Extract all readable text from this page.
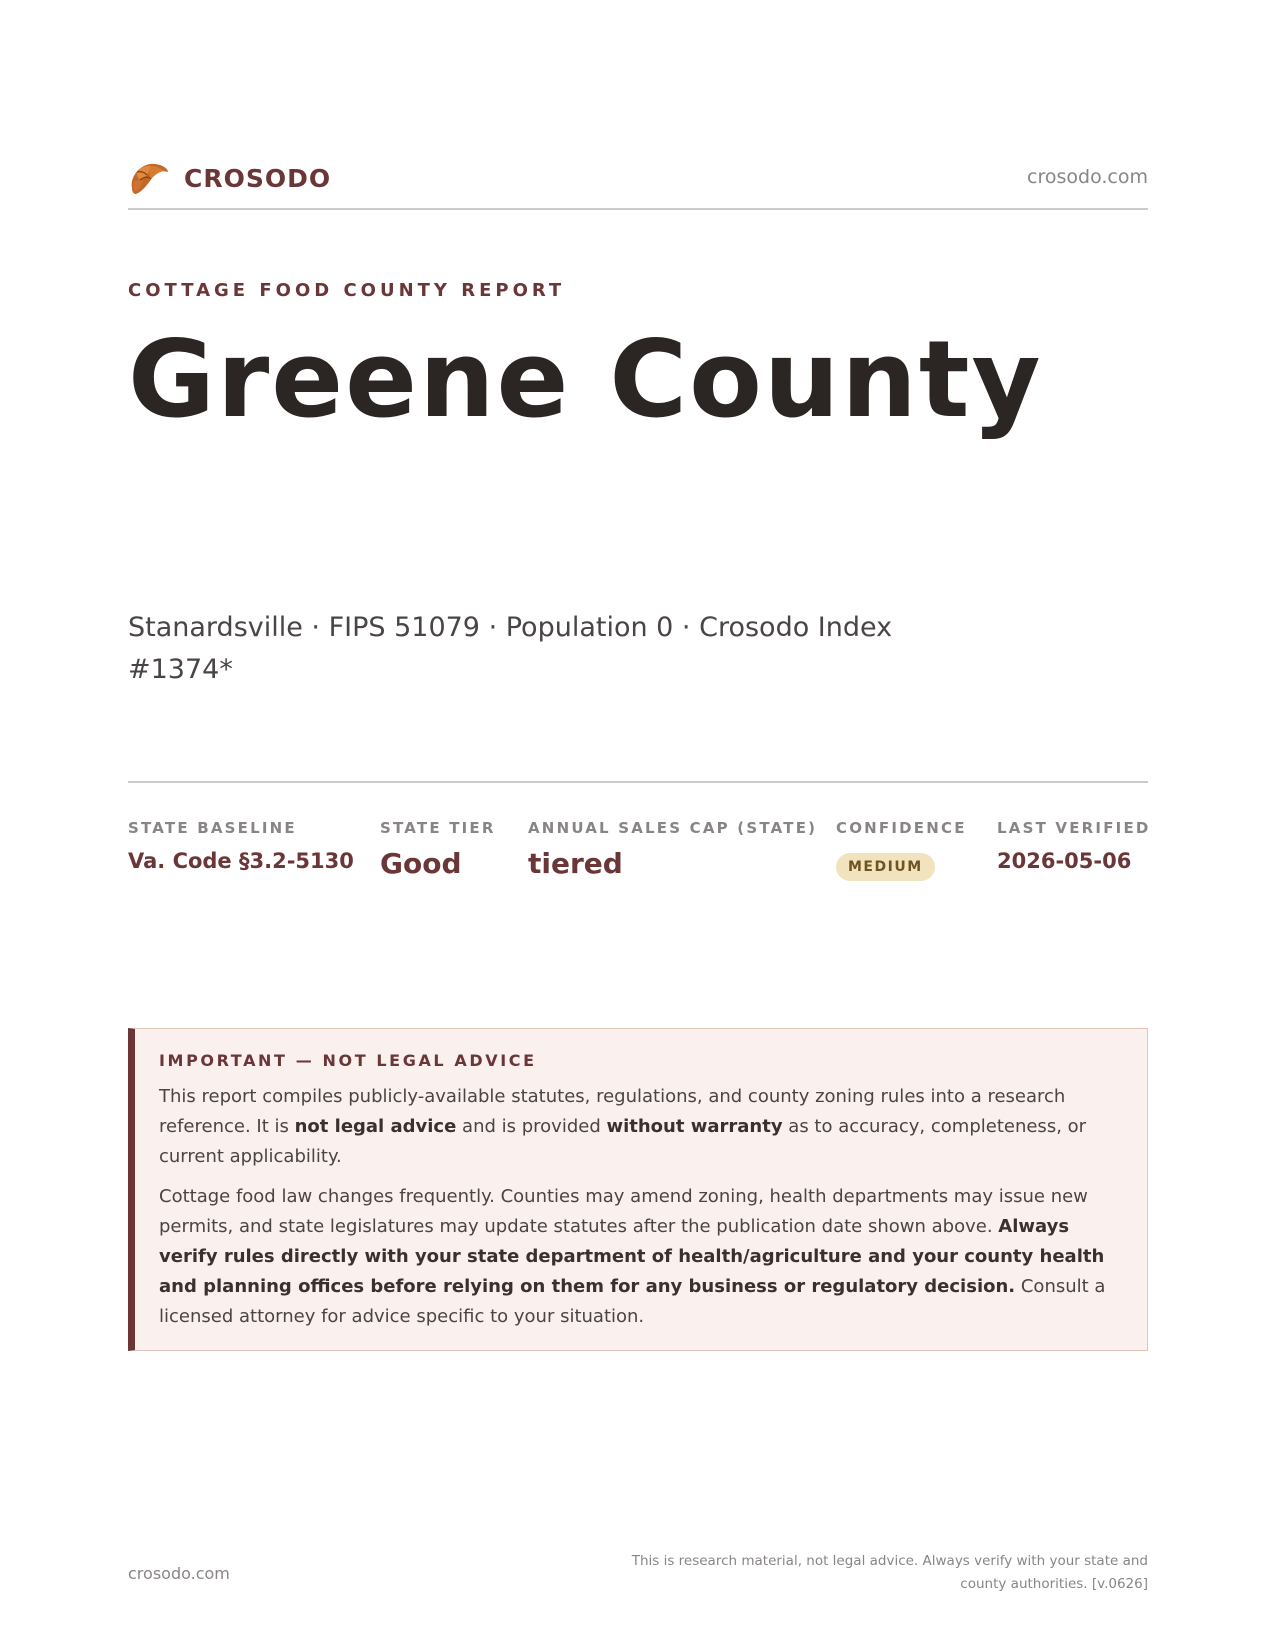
CROSODO	crosodo.com
COTTAGE FOOD COUNTY REPORT
Greene County
Stanardsville · FIPS 51079 · Population 0 · Crosodo Index #1374*
STATE BASELINE
Va. Code §3.2-5130
STATE TIER
Good
ANNUAL SALES CAP (STATE)
tiered
CONFIDENCE
MEDIUM
LAST VERIFIED
2026-05-06
IMPORTANT — NOT LEGAL ADVICE

This report compiles publicly-available statutes, regulations, and county zoning rules into a research reference. It is not legal advice and is provided without warranty as to accuracy, completeness, or current applicability.

Cottage food law changes frequently. Counties may amend zoning, health departments may issue new permits, and state legislatures may update statutes after the publication date shown above. Always verify rules directly with your state department of health/agriculture and your county health and planning offices before relying on them for any business or regulatory decision. Consult a licensed attorney for advice specific to your situation.

crosodo.com
This is research material, not legal advice. Always verify with your state and county authorities. [v.0626]
